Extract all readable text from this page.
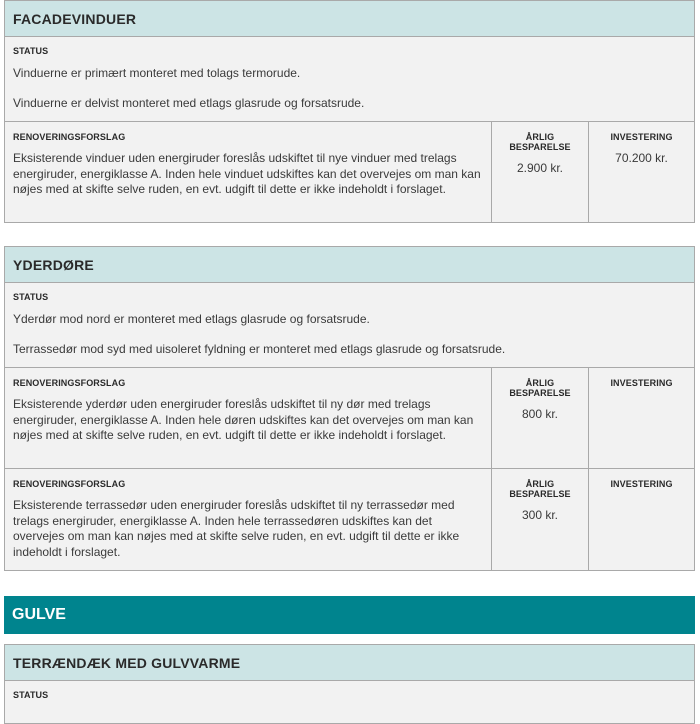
FACADEVINDUER
STATUS
Vinduerne er primært monteret med tolags termorude.
Vinduerne er delvist monteret med etlags glasrude og forsatsrude.
RENOVERINGSFORSLAG
Eksisterende vinduer uden energiruder foreslås udskiftet til nye vinduer med trelags energiruder, energiklasse A. Inden hele vinduet udskiftes kan det overvejes om man kan nøjes med at skifte selve ruden, en evt. udgift til dette er ikke indeholdt i forslaget.
ÅRLIG BESPARELSE
2.900 kr.
INVESTERING
70.200 kr.
YDERDØRE
STATUS
Yderdør mod nord er monteret med etlags glasrude og forsatsrude.
Terrassedør mod syd med uisoleret fyldning er monteret med etlags glasrude og forsatsrude.
RENOVERINGSFORSLAG
Eksisterende yderdør uden energiruder foreslås udskiftet til ny dør med trelags energiruder, energiklasse A. Inden hele døren udskiftes kan det overvejes om man kan nøjes med at skifte selve ruden, en evt. udgift til dette er ikke indeholdt i forslaget.
ÅRLIG BESPARELSE
800 kr.
INVESTERING
RENOVERINGSFORSLAG
Eksisterende terrassedør uden energiruder foreslås udskiftet til ny terrassedør med trelags energiruder, energiklasse A. Inden hele terrassedøren udskiftes kan det overvejes om man kan nøjes med at skifte selve ruden, en evt. udgift til dette er ikke indeholdt i forslaget.
ÅRLIG BESPARELSE
300 kr.
INVESTERING
GULVE
TERRÆNDÆK MED GULVVARME
STATUS
